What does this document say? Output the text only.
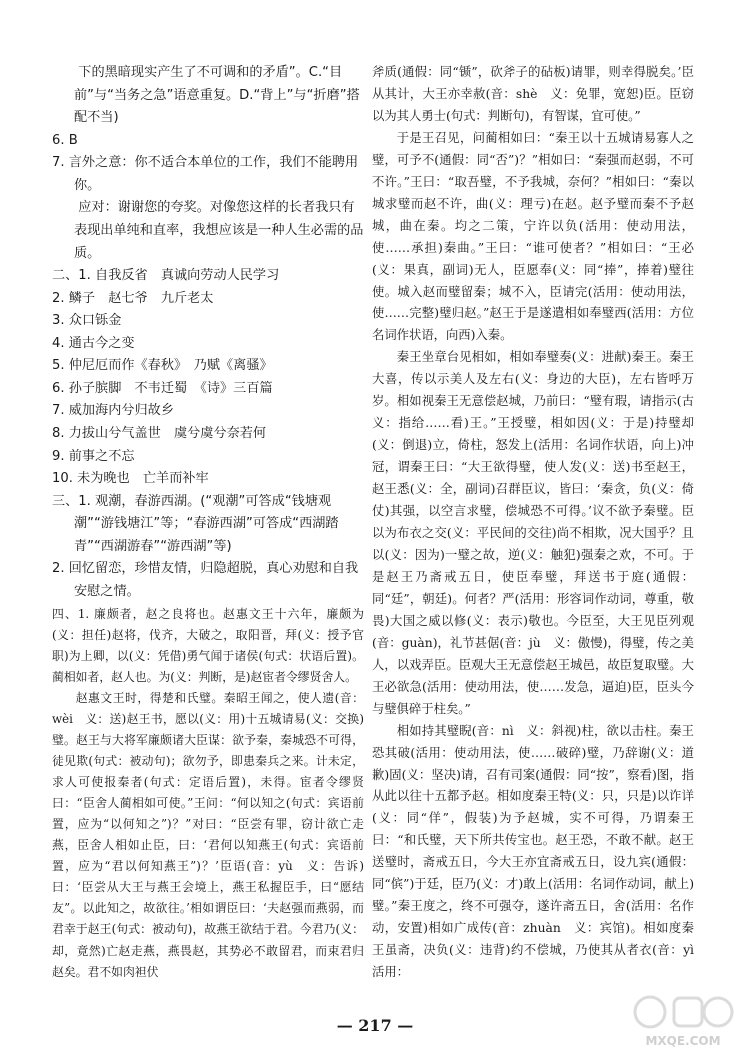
　　下的黑暗现实产生了不可调和的矛盾”。C.“目前”与“当务之急”语意重复。D.“背上”与“折磨”搭配不当)
6. B
7. 言外之意：你不适合本单位的工作，我们不能聘用你。
　　应对：谢谢您的夸奖。对像您这样的长者我只有表现出单纯和直率，我想应该是一种人生必需的品质。
二、1. 自我反省　真诚向劳动人民学习
2. 鳞子　赵七爷　九斤老太
3. 众口铄金
4. 通古今之变
5. 仲尼厄而作《春秋》　乃赋《离骚》
6. 孙子膑脚　不韦迁蜀　《诗》三百篇
7. 威加海内兮归故乡
8. 力拔山兮气盖世　虞兮虞兮奈若何
9. 前事之不忘
10. 未为晚也　亡羊而补牢
三、1. 观潮，春游西湖。(“观潮”可答成“钱塘观潮”“游钱塘江”等；“春游西湖”可答成“西湖踏青”“西湖游春”“游西湖”等)
2. 回忆留恋，珍惜友情，归隐超脱，真心劝慰和自我安慰之情。
四、1. 廉颇者，赵之良将也。赵惠文王十六年，廉颇为(义：担任)赵将，伐齐，大破之，取阳晋，拜(义：授予官职)为上卿，以(义：凭借)勇气闻于诸侯(句式：状语后置)。蔺相如者，赵人也。为(义：判断，是)赵宦者令缪贤舍人。
赵惠文王时，得楚和氏璧。秦昭王闻之，使人遗(音：wèi　义：送)赵王书，愿以(义：用)十五城请易(义：交换)璧。赵王与大将军廉颇诸大臣谋：欲予秦，秦城恐不可得，徒见欺(句式：被动句)；欲勿予，即患秦兵之来。计未定，求人可使报秦者(句式：定语后置)，未得。宦者令缪贤曰：“臣舍人蔺相如可使。”王问：“何以知之(句式：宾语前置，应为“以何知之”)？”对曰：“臣尝有罪，窃计欲亡走燕，臣舍人相如止臣，曰：‘君何以知燕王(句式：宾语前置，应为“君以何知燕王”)？’臣语(音：yù　义：告诉)曰：‘臣尝从大王与燕王会境上，燕王私握臣手，曰“愿结友”。以此知之，故欲往。’相如谓臣曰：‘夫赵强而燕弱，而君幸于赵王(句式：被动句)，故燕王欲结于君。今君乃(义：却，竟然)亡赵走燕，燕畏赵，其势必不敢留君，而束君归赵矣。君不如肉袒伏
斧质(通假：同“锧”，砍斧子的砧板)请罪，则幸得脱矣。’臣从其计，大王亦幸赦(音：shè　义：免罪，宽恕)臣。臣窃以为其人勇士(句式：判断句)，有智谋，宜可使。”
于是王召见，问蔺相如曰：“秦王以十五城请易寡人之璧，可予不(通假：同“否”)？”相如曰：“秦强而赵弱，不可不许。”王曰：“取吾璧，不予我城，奈何？”相如曰：“秦以城求璧而赵不许，曲(义：理亏)在赵。赵予璧而秦不予赵城，曲在秦。均之二策，宁许以负(活用：使动用法，使……承担)秦曲。”王曰：“谁可使者？”相如曰：“王必(义：果真，副词)无人，臣愿奉(义：同“捧”，捧着)璧往使。城入赵而璧留秦；城不入，臣请完(活用：使动用法，使……完整)璧归赵。”赵王于是遂遣相如奉璧西(活用：方位名词作状语，向西)入秦。
秦王坐章台见相如，相如奉璧奏(义：进献)秦王。秦王大喜，传以示美人及左右(义：身边的大臣)，左右皆呼万岁。相如视秦王无意偿赵城，乃前曰：“璧有瑕，请指示(古义：指给……看)王。”王授璧，相如因(义：于是)持璧却(义：倒退)立，倚柱，怒发上(活用：名词作状语，向上)冲冠，谓秦王曰：“大王欲得璧，使人发(义：送)书至赵王，赵王悉(义：全，副词)召群臣议，皆曰：‘秦贪，负(义：倚仗)其强，以空言求璧，偿城恐不可得。’议不欲予秦璧。臣以为布衣之交(义：平民间的交往)尚不相欺，况大国乎？且以(义：因为)一璧之故，逆(义：触犯)强秦之欢，不可。于是赵王乃斋戒五日，使臣奉璧，拜送书于庭(通假：同“廷”，朝廷)。何者？严(活用：形容词作动词，尊重，敬畏)大国之威以修(义：表示)敬也。今臣至，大王见臣列观(音：guàn)，礼节甚倨(音：jù　义：傲慢)，得璧，传之美人，以戏弄臣。臣观大王无意偿赵王城邑，故臣复取璧。大王必欲急(活用：使动用法，使……发急，逼迫)臣，臣头今与璧俱碎于柱矣。”
相如持其璧睨(音：nì　义：斜视)柱，欲以击柱。秦王恐其破(活用：使动用法，使……破碎)璧，乃辞谢(义：道歉)固(义：坚决)请，召有司案(通假：同“按”，察看)图，指从此以往十五都予赵。相如度秦王特(义：只，只是)以诈详(义：同“佯”，假装)为予赵城，实不可得，乃谓秦王曰：“和氏璧，天下所共传宝也。赵王恐，不敢不献。赵王送璧时，斋戒五日，今大王亦宜斋戒五日，设九宾(通假：同“傧”)于廷，臣乃(义：才)敢上(活用：名词作动词，献上)璧。”秦王度之，终不可强夺，遂许斋五日，舍(活用：名作动，安置)相如广成传(音：zhuàn　义：宾馆)。相如度秦王虽斋，决负(义：违背)约不偿城，乃使其从者衣(音：yì　活用：
— 217 —
MXQE.COM
